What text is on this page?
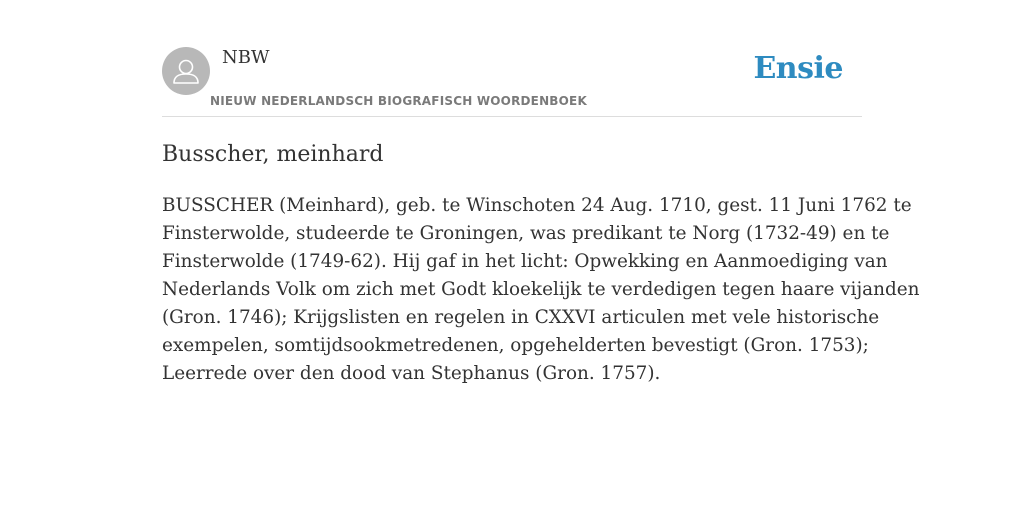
NBW
NIEUW NEDERLANDSCH BIOGRAFISCH WOORDENBOEK
Ensie
Busscher, meinhard
BUSSCHER (Meinhard), geb. te Winschoten 24 Aug. 1710, gest. 11 Juni 1762 te
Finsterwolde, studeerde te Groningen, was predikant te Norg (1732-49) en te
Finsterwolde (1749-62). Hij gaf in het licht: Opwekking en Aanmoediging van
Nederlands Volk om zich met Godt kloekelijk te verdedigen tegen haare vijanden
(Gron. 1746); Krijgslisten en regelen in CXXVI articulen met vele historische
exempelen, somtijdsookmetredenen, opgehelderten bevestigt (Gron. 1753);
Leerrede over den dood van Stephanus (Gron. 1757).
